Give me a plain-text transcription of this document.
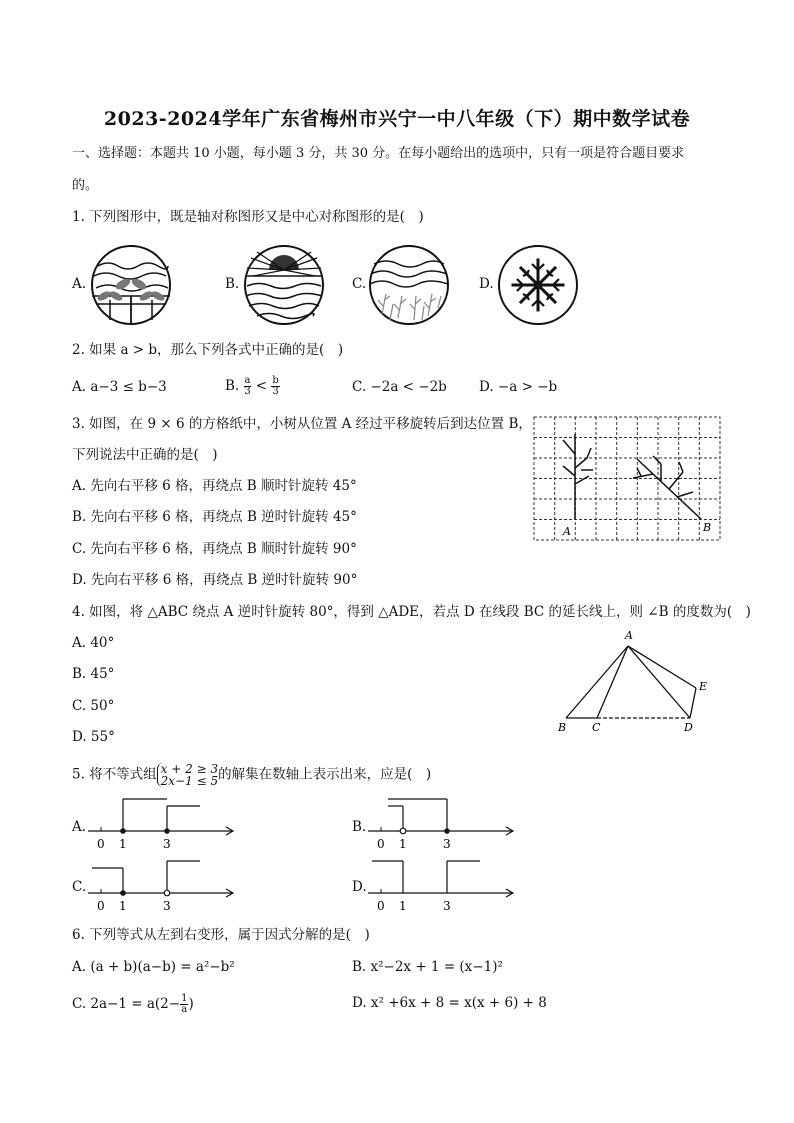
2023-2024学年广东省梅州市兴宁一中八年级（下）期中数学试卷
一、选择题：本题共 10 小题，每小题 3 分，共 30 分。在每小题给出的选项中，只有一项是符合题目要求
的。
1. 下列图形中，既是轴对称图形又是中心对称图形的是(　)
A.	B.	C.	D.
2. 如果 a > b，那么下列各式中正确的是(　)
A. a−3 ≤ b−3	B. $\frac{a}{3} < \frac{b}{3}$	C. −2a < −2b D. −a > −b
3. 如图，在 9 × 6 的方格纸中，小树从位置 A 经过平移旋转后到达位置 B，
下列说法中正确的是(　)
A. 先向右平移 6 格，再绕点 B 顺时针旋转 45°
B. 先向右平移 6 格，再绕点 B 逆时针旋转 45°
C. 先向右平移 6 格，再绕点 B 顺时针旋转 90°
D. 先向右平移 6 格，再绕点 B 逆时针旋转 90°
A	B
4. 如图，将 △ABC 绕点 A 逆时针旋转 80°，得到 △ADE，若点 D 在线段 BC 的延长线上，则 ∠B 的度数为(　)
A. 40°
B. 45°
C. 50°
D. 55°
A
B C	D
E
5. 将不等式组 x + 2 ≥ 3
2x−1 ≤ 5 的解集在数轴上表示出来，应是(　)
A.
0 1	3
B.
0 1	3
C.
0 1	3
D.
0 1	3
6. 下列等式从左到右变形，属于因式分解的是(　)
A. (a + b)(a−b) = a²−b²	B. x²−2x + 1 = (x−1)²
C. $2a-1 = a(2- \frac{1}{a}$ )	D. x² +6x + 8 = x(x + 6) + 8
